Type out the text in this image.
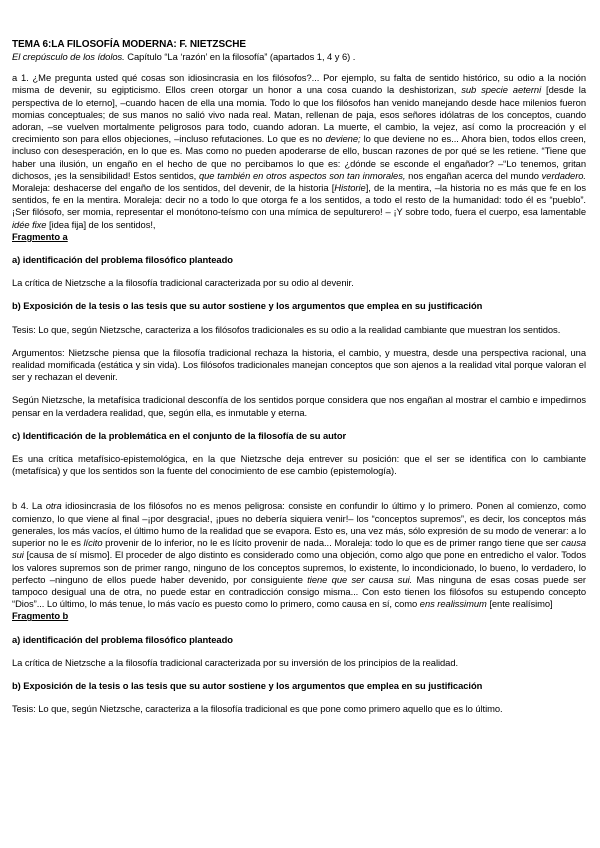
TEMA 6:LA FILOSOFÍA MODERNA: F. NIETZSCHE
El crepúsculo de los ídolos. Capítulo “La ‘razón’ en la filosofía” (apartados 1, 4 y 6) .

a 1. ¿Me pregunta usted qué cosas son idiosincrasia en los filósofos?... Por ejemplo, su falta de sentido histórico, su odio a la noción misma de devenir, su egipticismo. Ellos creen otorgar un honor a una cosa cuando la deshistorizan, sub specie aeterni [desde la perspectiva de lo eterno], –cuando hacen de ella una momia. Todo lo que los filósofos han venido manejando desde hace milenios fueron momias conceptuales; de sus manos no salió vivo nada real. Matan, rellenan de paja, esos señores idólatras de los conceptos, cuando adoran, –se vuelven mortalmente peligrosos para todo, cuando adoran. La muerte, el cambio, la vejez, así como la procreación y el crecimiento son para ellos objeciones, –incluso refutaciones. Lo que es no deviene; lo que deviene no es... Ahora bien, todos ellos creen, incluso con desesperación, en lo que es. Mas como no pueden apoderarse de ello, buscan razones de por qué se les retiene. “Tiene que haber una ilusión, un engaño en el hecho de que no percibamos lo que es: ¿dónde se esconde el engañador? –“Lo tenemos, gritan dichosos, ¡es la sensibilidad! Estos sentidos, que también en otros aspectos son tan inmorales, nos engañan acerca del mundo verdadero. Moraleja: deshacerse del engaño de los sentidos, del devenir, de la historia [Historie], de la mentira, –la historia no es más que fe en los sentidos, fe en la mentira. Moraleja: decir no a todo lo que otorga fe a los sentidos, a todo el resto de la humanidad: todo él es “pueblo”. ¡Ser filósofo, ser momia, representar el monótono-teísmo con una mímica de sepulturero! – ¡Y sobre todo, fuera el cuerpo, esa lamentable idée fixe [idea fija] de los sentidos!,

Fragmento a
a) identificación del problema filosófico planteado

La crítica de Nietzsche a la filosofía tradicional caracterizada por su odio al devenir.

b) Exposición de la tesis o las tesis que su autor sostiene y los argumentos que emplea en su justificación

Tesis: Lo que, según Nietzsche, caracteriza a los filósofos tradicionales es su odio a la realidad cambiante que muestran los sentidos.

Argumentos: Nietzsche piensa que la filosofía tradicional rechaza la historia, el cambio, y muestra, desde una perspectiva racional, una realidad momificada (estática y sin vida). Los filósofos tradicionales manejan conceptos que son ajenos a la realidad vital porque valoran el ser y rechazan el devenir.

Según Nietzsche, la metafísica tradicional desconfía de los sentidos porque considera que nos engañan al mostrar el cambio e impedirnos pensar en la verdadera realidad, que, según ella, es inmutable y eterna.

c) Identificación de la problemática en el conjunto de la filosofía de su autor

Es una crítica metafísico-epistemológica, en la que Nietzsche deja entrever su posición: que el ser se identifica con lo cambiante (metafísica) y que los sentidos son la fuente del conocimiento de ese cambio (epistemología).

b 4. La otra idiosincrasia de los filósofos no es menos peligrosa: consiste en confundir lo último y lo primero. Ponen al comienzo, como comienzo, lo que viene al final –¡por desgracia!, ¡pues no debería siquiera venir!– los “conceptos supremos”, es decir, los conceptos más generales, los más vacíos, el último humo de la realidad que se evapora. Esto es, una vez más, sólo expresión de su modo de venerar: a lo superior no le es lícito provenir de lo inferior, no le es lícito provenir de nada... Moraleja: todo lo que es de primer rango tiene que ser causa sui [causa de sí mismo]. El proceder de algo distinto es considerado como una objeción, como algo que pone en entredicho el valor. Todos los valores supremos son de primer rango, ninguno de los conceptos supremos, lo existente, lo incondicionado, lo bueno, lo verdadero, lo perfecto –ninguno de ellos puede haber devenido, por consiguiente tiene que ser causa sui. Mas ninguna de esas cosas puede ser tampoco desigual una de otra, no puede estar en contradicción consigo misma... Con esto tienen los filósofos su estupendo concepto “Dios”... Lo último, lo más tenue, lo más vacío es puesto como lo primero, como causa en sí, como ens realissimum [ente realísimo]

Fragmento b
a) identificación del problema filosófico planteado

La crítica de Nietzsche a la filosofía tradicional caracterizada por su inversión de los principios de la realidad.

b) Exposición de la tesis o las tesis que su autor sostiene y los argumentos que emplea en su justificación

Tesis: Lo que, según Nietzsche, caracteriza a la filosofía tradicional es que pone como primero aquello que es lo último.
